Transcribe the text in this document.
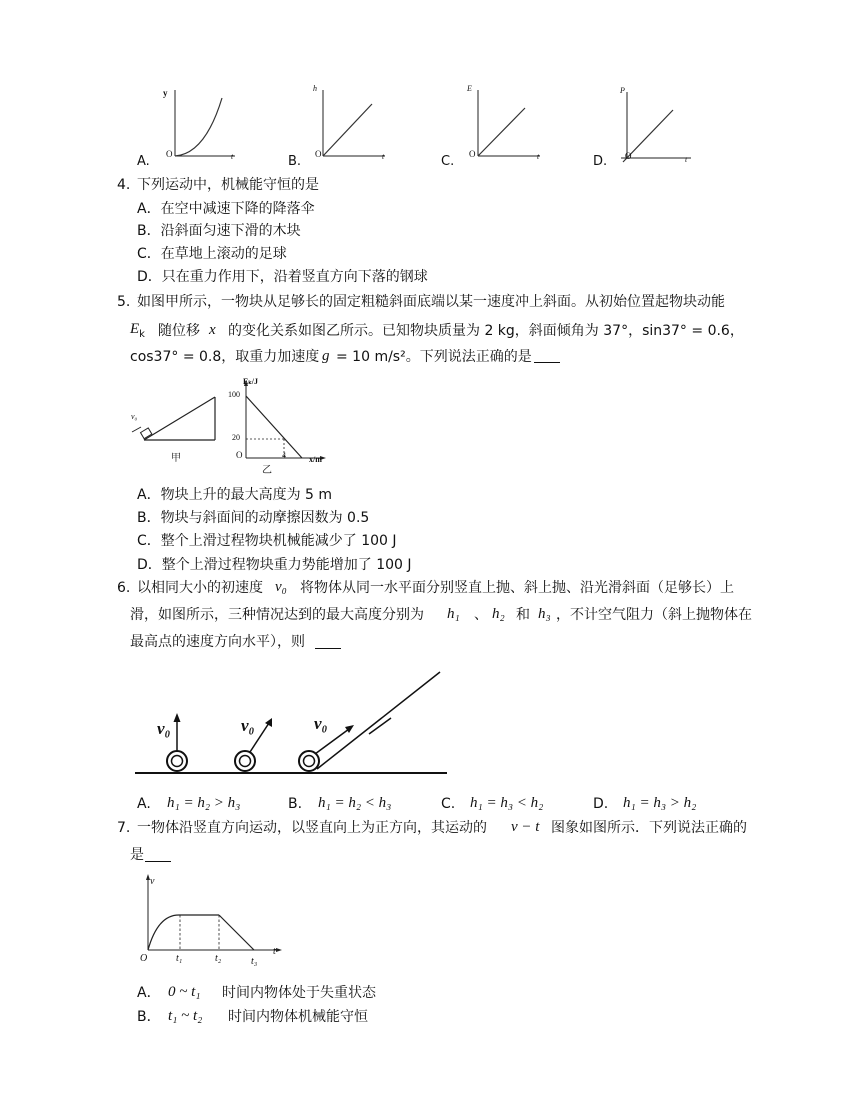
y
O	t
A.
h
O	t
B.
E
O	t
C.
P
O	t
D.
4. 下列运动中，机械能守恒的是
A．在空中减速下降的降落伞
B．沿斜面匀速下滑的木块
C．在草地上滚动的足球
D．只在重力作用下，沿着竖直方向下落的钢球
5. 如图甲所示，一物块从足够长的固定粗糙斜面底端以某一速度冲上斜面。从初始位置起物块动能
$E_k$ 随位移 x 的变化关系如图乙所示。已知物块质量为 2 kg，斜面倾角为 37°，sin37° = 0.6，
cos37° = 0.8，取重力加速度 g = 10 m/s²。下列说法正确的是
v₀
甲
Eₖ/J
100
20
O	4	x/m
乙
A．物块上升的最大高度为 5 m
B．物块与斜面间的动摩擦因数为 0.5
C．整个上滑过程物块机械能减少了 100 J
D．整个上滑过程物块重力势能增加了 100 J
6. 以相同大小的初速度 v₀ 将物体从同一水平面分别竖直上抛、斜上抛、沿光滑斜面（足够长）上
滑，如图所示，三种情况达到的最大高度分别为 h₁ 、 h₂ 和 h₃ ，不计空气阻力（斜上抛物体在
最高点的速度方向水平），则
v₀	v₀	v₀
A. h₁ = h₂ > h₃	B. h₁ = h₂ < h₃	C. h₁ = h₃ < h₂	D. h₁ = h₃ > h₂
7. 一物体沿竖直方向运动，以竖直向上为正方向，其运动的 v − t 图象如图所示．下列说法正确的
是
v
O	t₁	t₂	t₃
t
A． 0 ~ t₁ 时间内物体处于失重状态
B． t₁ ~ t₂ 时间内物体机械能守恒
